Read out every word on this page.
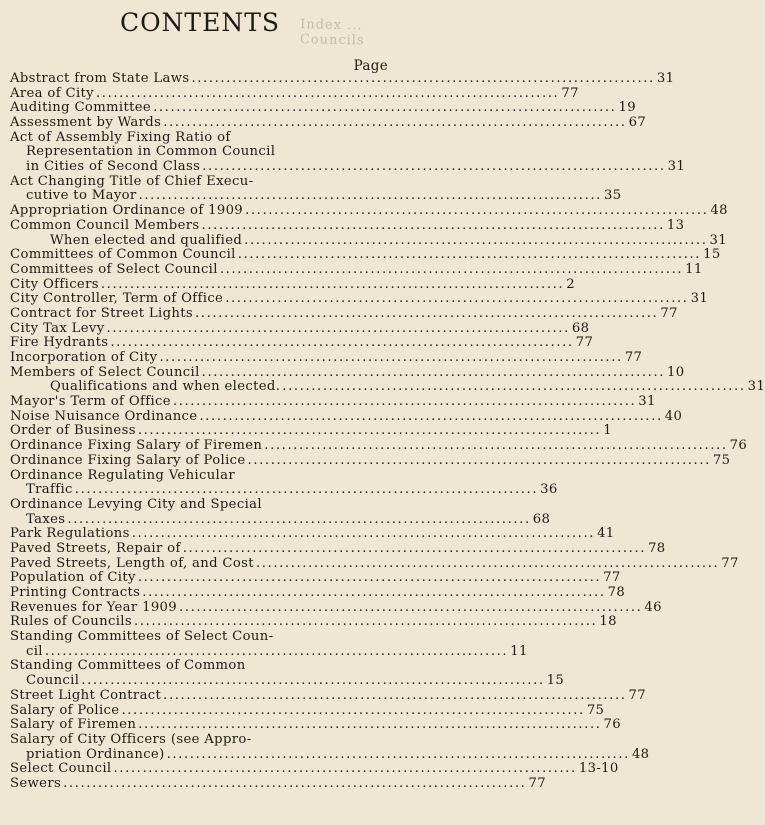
Index ... Councils
CONTENTS
Page
Abstract from State Laws ................................................................................ 31
Area of City ................................................................................ 77
Auditing Committee ................................................................................ 19
Assessment by Wards ................................................................................ 67
Act of Assembly Fixing Ratio of
Representation in Common Council
in Cities of Second Class ................................................................................ 31
Act Changing Title of Chief Execu-
cutive to Mayor ................................................................................ 35
Appropriation Ordinance of 1909 ................................................................................ 48
Common Council Members ................................................................................ 13
When elected and qualified ................................................................................ 31
Committees of Common Council ................................................................................ 15
Committees of Select Council ................................................................................ 11
City Officers ................................................................................ 2
City Controller, Term of Office ................................................................................ 31
Contract for Street Lights ................................................................................ 77
City Tax Levy ................................................................................ 68
Fire Hydrants ................................................................................ 77
Incorporation of City ................................................................................ 77
Members of Select Council ................................................................................ 10
Qualifications and when elected. ................................................................................ 31
Mayor's Term of Office ................................................................................ 31
Noise Nuisance Ordinance ................................................................................ 40
Order of Business ................................................................................ 1
Ordinance Fixing Salary of Firemen ................................................................................ 76
Ordinance Fixing Salary of Police ................................................................................ 75
Ordinance Regulating Vehicular
Traffic ................................................................................ 36
Ordinance Levying City and Special
Taxes ................................................................................ 68
Park Regulations ................................................................................ 41
Paved Streets, Repair of ................................................................................ 78
Paved Streets, Length of, and Cost ................................................................................ 77
Population of City ................................................................................ 77
Printing Contracts ................................................................................ 78
Revenues for Year 1909 ................................................................................ 46
Rules of Councils ................................................................................ 18
Standing Committees of Select Coun-
cil ................................................................................ 11
Standing Committees of Common
Council ................................................................................ 15
Street Light Contract ................................................................................ 77
Salary of Police ................................................................................ 75
Salary of Firemen ................................................................................ 76
Salary of City Officers (see Appro-
priation Ordinance) ................................................................................ 48
Select Council ................................................................................ 13-10
Sewers ................................................................................ 77
